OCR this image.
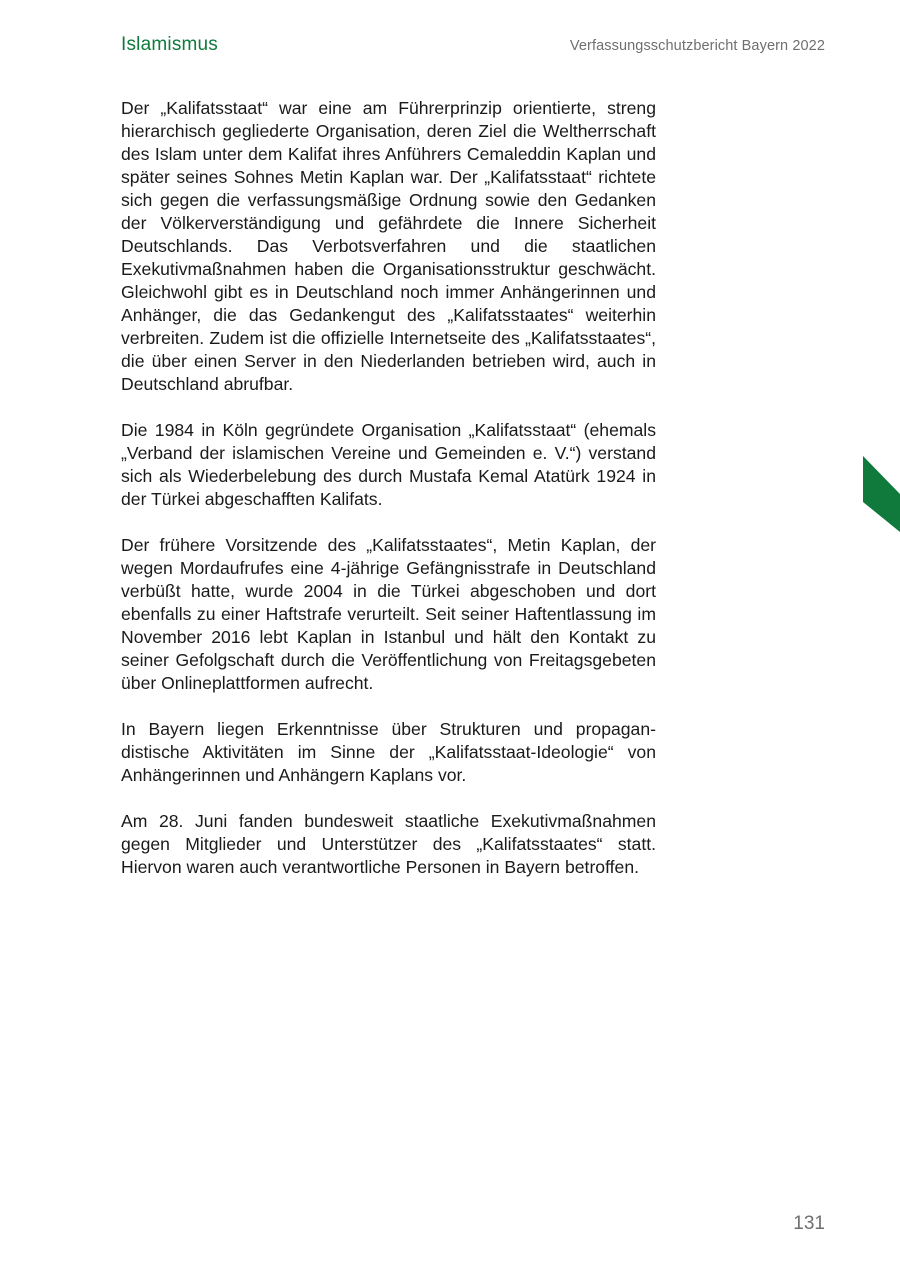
Islamismus	Verfassungsschutzbericht Bayern 2022

Der „Kalifatsstaat“ war eine am Führerprinzip orientierte, streng hierarchisch gegliederte Organisation, deren Ziel die Weltherrschaft des Islam unter dem Kalifat ihres Anführers Cemaleddin Kaplan und später seines Sohnes Metin Kaplan war. Der „Kalifatsstaat“ richtete sich gegen die verfassungsmäßige Ordnung sowie den Gedanken der Völkerverständigung und gefährdete die Innere Sicherheit Deutschlands. Das Verbotsverfahren und die staatlichen Exekutivmaßnahmen haben die Organisationsstruktur geschwächt. Gleichwohl gibt es in Deutschland noch immer Anhängerinnen und Anhänger, die das Gedankengut des „Kalifatsstaates“ weiterhin verbreiten. Zudem ist die offizielle Internetseite des „Kalifatsstaates“, die über einen Server in den Niederlanden betrieben wird, auch in Deutschland abrufbar.

Die 1984 in Köln gegründete Organisation „Kalifatsstaat“ (ehemals „Verband der islamischen Vereine und Gemeinden e. V.“) verstand sich als Wiederbelebung des durch Mustafa Kemal Atatürk 1924 in der Türkei abgeschafften Kalifats.

Der frühere Vorsitzende des „Kalifatsstaates“, Metin Kaplan, der wegen Mordaufrufes eine 4-jährige Gefängnisstrafe in Deutschland verbüßt hatte, wurde 2004 in die Türkei abgeschoben und dort ebenfalls zu einer Haftstrafe verurteilt. Seit seiner Haftentlassung im November 2016 lebt Kaplan in Istanbul und hält den Kontakt zu seiner Gefolgschaft durch die Veröffentlichung von Freitagsgebeten über Onlineplattformen aufrecht.

In Bayern liegen Erkenntnisse über Strukturen und propagandistische Aktivitäten im Sinne der „Kalifatsstaat-Ideologie“ von Anhängerinnen und Anhängern Kaplans vor.

Am 28. Juni fanden bundesweit staatliche Exekutivmaßnahmen gegen Mitglieder und Unterstützer des „Kalifatsstaates“ statt. Hiervon waren auch verantwortliche Personen in Bayern betroffen.

131
